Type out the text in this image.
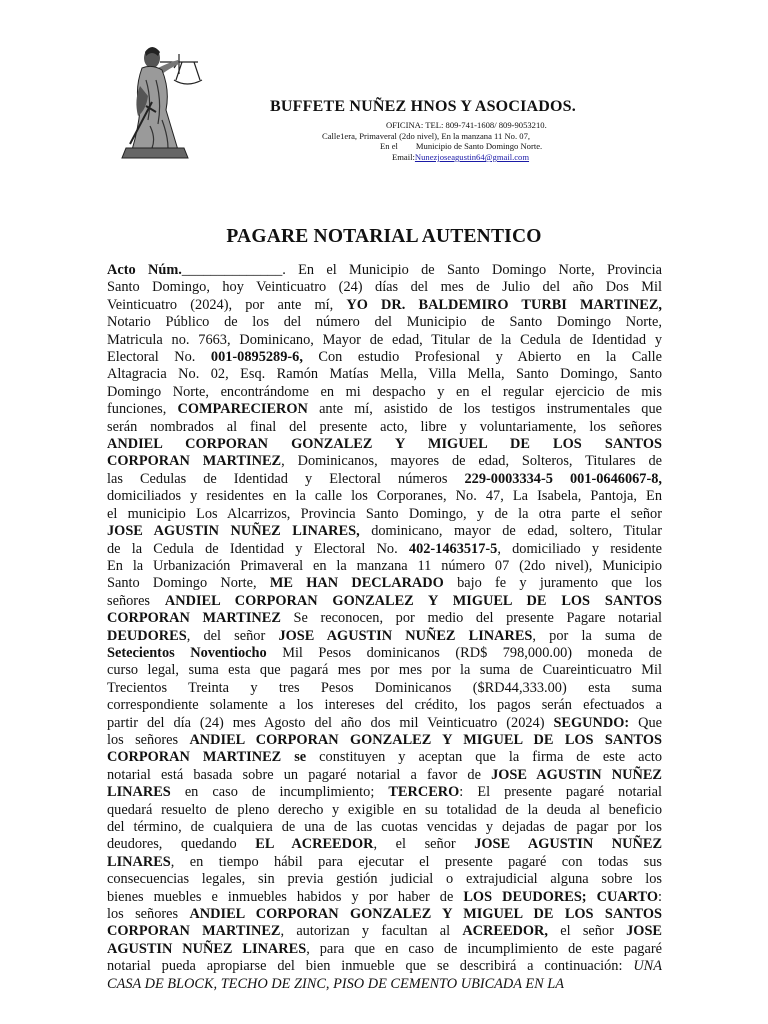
BUFFETE NUÑEZ HNOS Y ASOCIADOS.
OFICINA: TEL: 809-741-1608/ 809-9053210.
Calle1era, Primaveral (2do nivel), En la manzana 11 No. 07,
En el Municipio de Santo Domingo Norte.
Email:Nunezjoseagustin64@gmail.com
PAGARE NOTARIAL AUTENTICO
Acto Núm.______________. En el Municipio de Santo Domingo Norte, Provincia
Santo Domingo, hoy Veinticuatro (24) días del mes de Julio del año Dos Mil
Veinticuatro (2024), por ante mí, YO DR. BALDEMIRO TURBI MARTINEZ,
Notario Público de los del número del Municipio de Santo Domingo Norte,
Matricula no. 7663, Dominicano, Mayor de edad, Titular de la Cedula de Identidad y
Electoral No. 001-0895289-6, Con estudio Profesional y Abierto en la Calle
Altagracia No. 02, Esq. Ramón Matías Mella, Villa Mella, Santo Domingo, Santo
Domingo Norte, encontrándome en mi despacho y en el regular ejercicio de mis
funciones, COMPARECIERON ante mí, asistido de los testigos instrumentales que
serán nombrados al final del presente acto, libre y voluntariamente, los señores
ANDIEL CORPORAN GONZALEZ Y MIGUEL DE LOS SANTOS
CORPORAN MARTINEZ, Dominicanos, mayores de edad, Solteros, Titulares de
las Cedulas de Identidad y Electoral números 229-0003334-5 001-0646067-8,
domiciliados y residentes en la calle los Corporanes, No. 47, La Isabela, Pantoja, En
el municipio Los Alcarrizos, Provincia Santo Domingo, y de la otra parte el señor
JOSE AGUSTIN NUÑEZ LINARES, dominicano, mayor de edad, soltero, Titular
de la Cedula de Identidad y Electoral No. 402-1463517-5, domiciliado y residente
En la Urbanización Primaveral en la manzana 11 número 07 (2do nivel), Municipio
Santo Domingo Norte, ME HAN DECLARADO bajo fe y juramento que los
señores ANDIEL CORPORAN GONZALEZ Y MIGUEL DE LOS SANTOS
CORPORAN MARTINEZ Se reconocen, por medio del presente Pagare notarial
DEUDORES, del señor JOSE AGUSTIN NUÑEZ LINARES, por la suma de
Setecientos Noventiocho Mil Pesos dominicanos (RD$ 798,000.00) moneda de
curso legal, suma esta que pagará mes por mes por la suma de Cuareinticuatro Mil
Trecientos Treinta y tres Pesos Dominicanos ($RD44,333.00) esta suma
correspondiente solamente a los intereses del crédito, los pagos serán efectuados a
partir del día (24) mes Agosto del año dos mil Veinticuatro (2024) SEGUNDO: Que
los señores ANDIEL CORPORAN GONZALEZ Y MIGUEL DE LOS SANTOS
CORPORAN MARTINEZ se constituyen y aceptan que la firma de este acto
notarial está basada sobre un pagaré notarial a favor de JOSE AGUSTIN NUÑEZ
LINARES en caso de incumplimiento; TERCERO: El presente pagaré notarial
quedará resuelto de pleno derecho y exigible en su totalidad de la deuda al beneficio
del término, de cualquiera de una de las cuotas vencidas y dejadas de pagar por los
deudores, quedando EL ACREEDOR, el señor JOSE AGUSTIN NUÑEZ
LINARES, en tiempo hábil para ejecutar el presente pagaré con todas sus
consecuencias legales, sin previa gestión judicial o extrajudicial alguna sobre los
bienes muebles e inmuebles habidos y por haber de LOS DEUDORES; CUARTO:
los señores ANDIEL CORPORAN GONZALEZ Y MIGUEL DE LOS SANTOS
CORPORAN MARTINEZ, autorizan y facultan al ACREEDOR, el señor JOSE
AGUSTIN NUÑEZ LINARES, para que en caso de incumplimiento de este pagaré
notarial pueda apropiarse del bien inmueble que se describirá a continuación: UNA
CASA DE BLOCK, TECHO DE ZINC, PISO DE CEMENTO UBICADA EN LA
